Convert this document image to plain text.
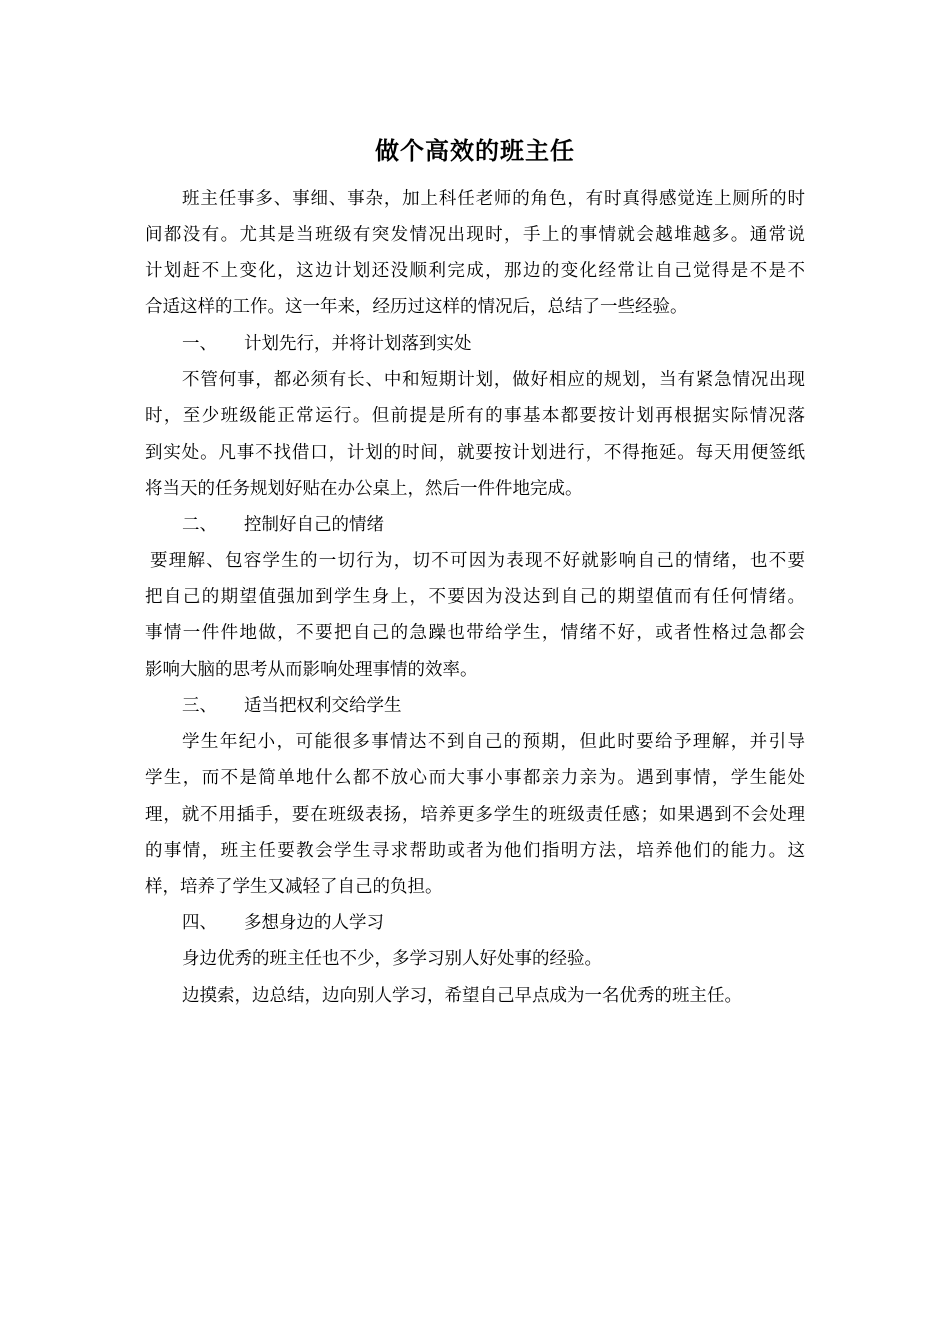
做个高效的班主任
班主任事多、事细、事杂，加上科任老师的角色，有时真得感觉连上厕所的时
间都没有。尤其是当班级有突发情况出现时，手上的事情就会越堆越多。通常说
计划赶不上变化，这边计划还没顺利完成，那边的变化经常让自己觉得是不是不
合适这样的工作。这一年来，经历过这样的情况后，总结了一些经验。
一、 计划先行，并将计划落到实处
不管何事，都必须有长、中和短期计划，做好相应的规划，当有紧急情况出现
时，至少班级能正常运行。但前提是所有的事基本都要按计划再根据实际情况落
到实处。凡事不找借口，计划的时间，就要按计划进行，不得拖延。每天用便签纸
将当天的任务规划好贴在办公桌上，然后一件件地完成。
二、 控制好自己的情绪
要理解、包容学生的一切行为，切不可因为表现不好就影响自己的情绪，也不要
把自己的期望值强加到学生身上，不要因为没达到自己的期望值而有任何情绪。
事情一件件地做，不要把自己的急躁也带给学生，情绪不好，或者性格过急都会
影响大脑的思考从而影响处理事情的效率。
三、 适当把权利交给学生
学生年纪小，可能很多事情达不到自己的预期，但此时要给予理解，并引导
学生，而不是简单地什么都不放心而大事小事都亲力亲为。遇到事情，学生能处
理，就不用插手，要在班级表扬，培养更多学生的班级责任感；如果遇到不会处理
的事情，班主任要教会学生寻求帮助或者为他们指明方法，培养他们的能力。这
样，培养了学生又减轻了自己的负担。
四、 多想身边的人学习
身边优秀的班主任也不少，多学习别人好处事的经验。
边摸索，边总结，边向别人学习，希望自己早点成为一名优秀的班主任。
